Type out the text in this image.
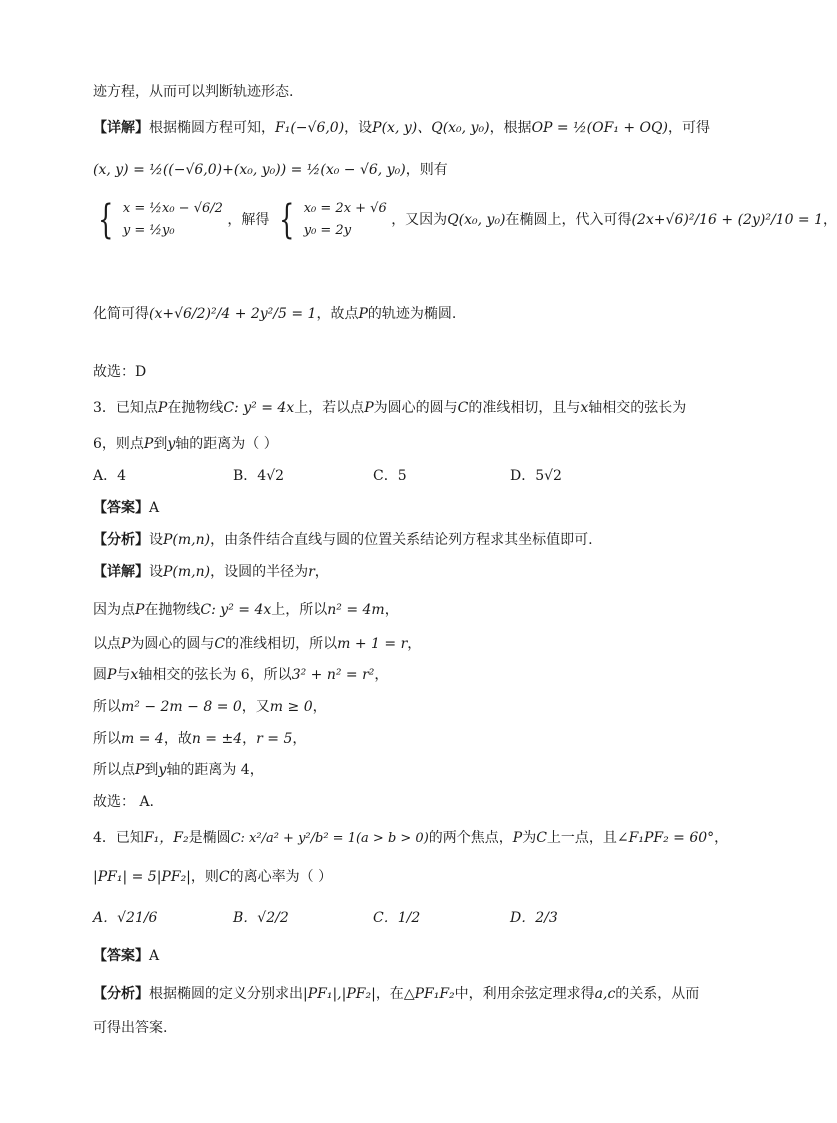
迹方程，从而可以判断轨迹形态.
【详解】根据椭圆方程可知，F₁(−√6,0)，设P(x, y)、Q(x₀, y₀)，根据OP = ½(OF₁ + OQ)，可得
(x, y) = ½((−√6,0)+(x₀, y₀)) = ½(x₀ − √6, y₀)，则有
{ x = ½x₀ − √6/2
y = ½y₀
，解得 { x₀ = 2x + √6
y₀ = 2y
，又因为Q(x₀, y₀)在椭圆上，代入可得(2x+√6)²/16 + (2y)²/10 = 1，
化简可得(x+√6/2)²/4 + 2y²/5 = 1，故点P的轨迹为椭圆.
故选：D
3．已知点P在抛物线C: y² = 4x上，若以点P为圆心的圆与C的准线相切，且与x轴相交的弦长为
6，则点P到y轴的距离为（ ）
A．4	B．4√2	C．5	D．5√2
【答案】A
【分析】设P(m,n)，由条件结合直线与圆的位置关系结论列方程求其坐标值即可.
【详解】设P(m,n)，设圆的半径为r，
因为点P在抛物线C: y² = 4x上，所以n² = 4m，
以点P为圆心的圆与C的准线相切，所以m + 1 = r，
圆P与x轴相交的弦长为 6，所以3² + n² = r²，
所以m² − 2m − 8 = 0，又m ≥ 0，
所以m = 4，故n = ±4，r = 5，
所以点P到y轴的距离为 4，
故选： A.
4．已知F₁，F₂是椭圆C: x²/a² + y²/b² = 1(a > b > 0)的两个焦点，P为C上一点，且∠F₁PF₂ = 60°，
|PF₁| = 5|PF₂|，则C的离心率为（ ）
A．√21/6	B．√2/2	C．1/2	D．2/3
【答案】A
【分析】根据椭圆的定义分别求出|PF₁|,|PF₂|，在△PF₁F₂中，利用余弦定理求得a,c的关系，从而
可得出答案.
